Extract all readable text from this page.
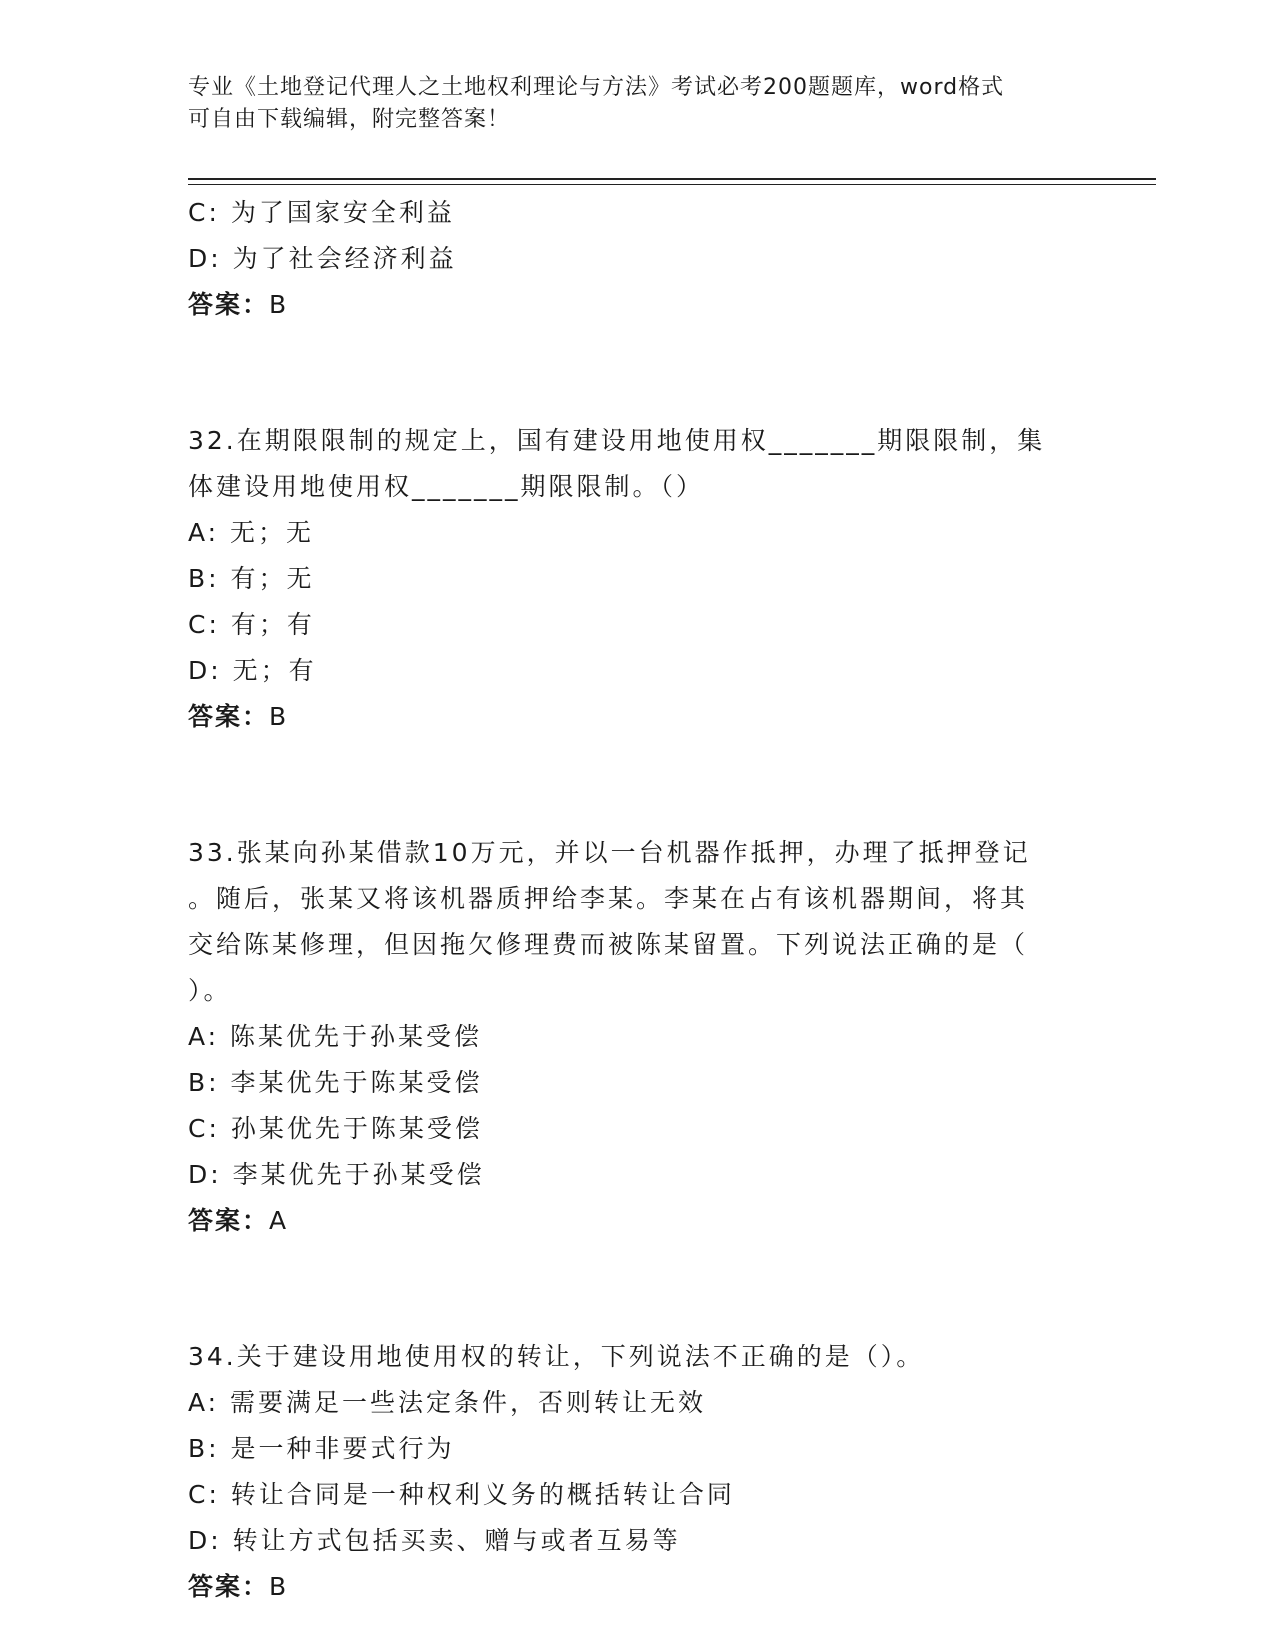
专业《土地登记代理人之土地权利理论与方法》考试必考200题题库，word格式
可自由下载编辑，附完整答案！
C: 为了国家安全利益
D: 为了社会经济利益
答案：B
32.在期限限制的规定上，国有建设用地使用权_______期限限制，集
体建设用地使用权_______期限限制。（）
A: 无；无
B: 有；无
C: 有；有
D: 无；有
答案：B
33.张某向孙某借款10万元，并以一台机器作抵押，办理了抵押登记
。随后，张某又将该机器质押给李某。李某在占有该机器期间，将其
交给陈某修理，但因拖欠修理费而被陈某留置。下列说法正确的是（
）。
A: 陈某优先于孙某受偿
B: 李某优先于陈某受偿
C: 孙某优先于陈某受偿
D: 李某优先于孙某受偿
答案：A
34.关于建设用地使用权的转让，下列说法不正确的是（）。
A: 需要满足一些法定条件，否则转让无效
B: 是一种非要式行为
C: 转让合同是一种权利义务的概括转让合同
D: 转让方式包括买卖、赠与或者互易等
答案：B
